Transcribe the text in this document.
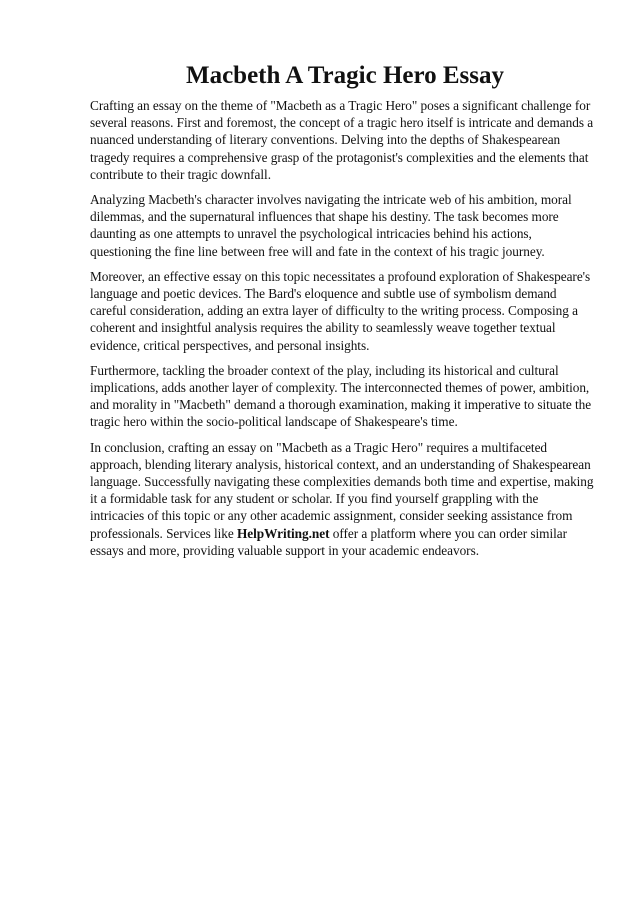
Macbeth A Tragic Hero Essay

Crafting an essay on the theme of "Macbeth as a Tragic Hero" poses a significant challenge for several reasons. First and foremost, the concept of a tragic hero itself is intricate and demands a nuanced understanding of literary conventions. Delving into the depths of Shakespearean tragedy requires a comprehensive grasp of the protagonist's complexities and the elements that contribute to their tragic downfall.

Analyzing Macbeth's character involves navigating the intricate web of his ambition, moral dilemmas, and the supernatural influences that shape his destiny. The task becomes more daunting as one attempts to unravel the psychological intricacies behind his actions, questioning the fine line between free will and fate in the context of his tragic journey.

Moreover, an effective essay on this topic necessitates a profound exploration of Shakespeare's language and poetic devices. The Bard's eloquence and subtle use of symbolism demand careful consideration, adding an extra layer of difficulty to the writing process. Composing a coherent and insightful analysis requires the ability to seamlessly weave together textual evidence, critical perspectives, and personal insights.

Furthermore, tackling the broader context of the play, including its historical and cultural implications, adds another layer of complexity. The interconnected themes of power, ambition, and morality in "Macbeth" demand a thorough examination, making it imperative to situate the tragic hero within the socio-political landscape of Shakespeare's time.

In conclusion, crafting an essay on "Macbeth as a Tragic Hero" requires a multifaceted approach, blending literary analysis, historical context, and an understanding of Shakespearean language. Successfully navigating these complexities demands both time and expertise, making it a formidable task for any student or scholar. If you find yourself grappling with the intricacies of this topic or any other academic assignment, consider seeking assistance from professionals. Services like HelpWriting.net offer a platform where you can order similar essays and more, providing valuable support in your academic endeavors.
